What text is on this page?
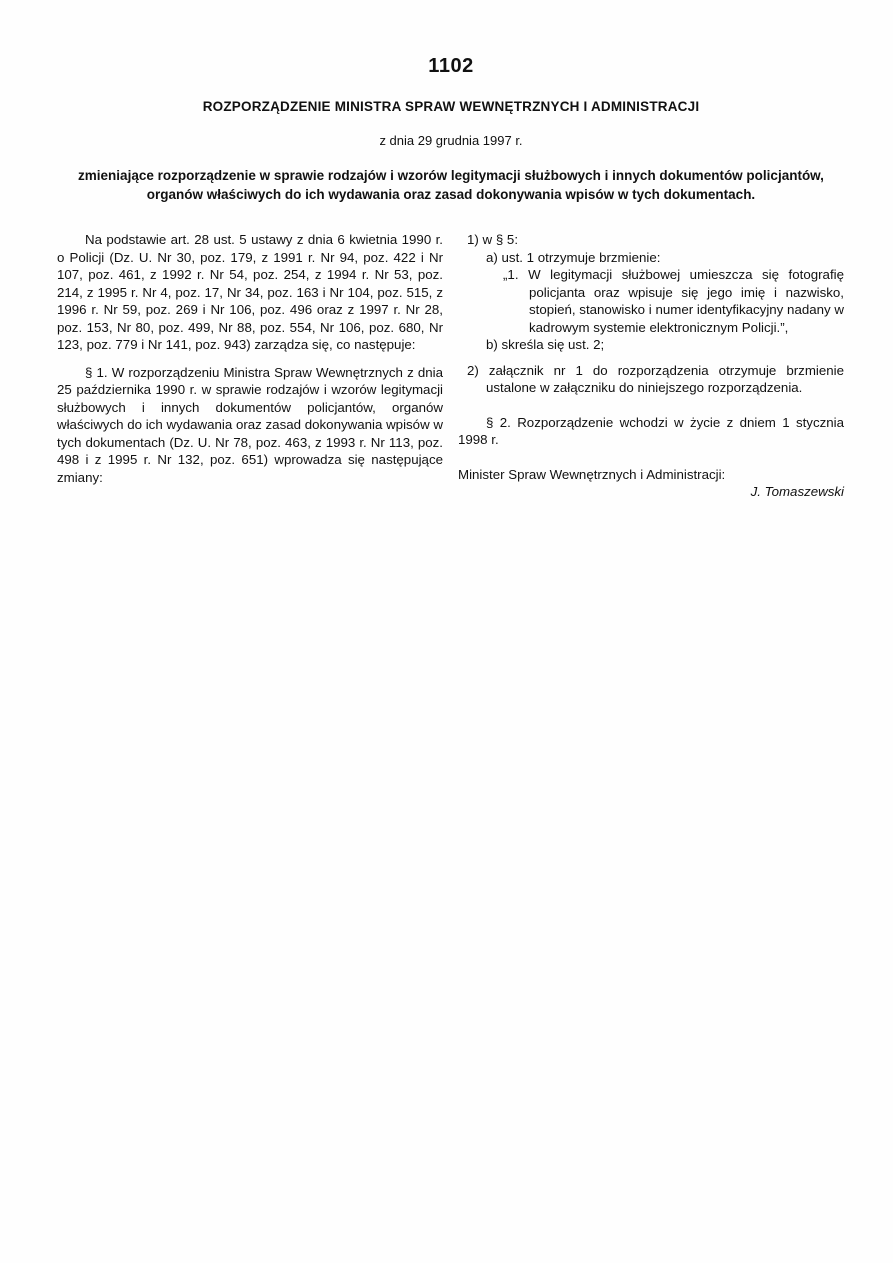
1102

ROZPORZĄDZENIE MINISTRA SPRAW WEWNĘTRZNYCH I ADMINISTRACJI
z dnia 29 grudnia 1997 r.
zmieniające rozporządzenie w sprawie rodzajów i wzorów legitymacji służbowych i innych dokumentów policjantów, organów właściwych do ich wydawania oraz zasad dokonywania wpisów w tych dokumentach.

Na podstawie art. 28 ust. 5 ustawy z dnia 6 kwietnia 1990 r. o Policji (Dz. U. Nr 30, poz. 179, z 1991 r. Nr 94, poz. 422 i Nr 107, poz. 461, z 1992 r. Nr 54, poz. 254, z 1994 r. Nr 53, poz. 214, z 1995 r. Nr 4, poz. 17, Nr 34, poz. 163 i Nr 104, poz. 515, z 1996 r. Nr 59, poz. 269 i Nr 106, poz. 496 oraz z 1997 r. Nr 28, poz. 153, Nr 80, poz. 499, Nr 88, poz. 554, Nr 106, poz. 680, Nr 123, poz. 779 i Nr 141, poz. 943) zarządza się, co następuje:

§ 1. W rozporządzeniu Ministra Spraw Wewnętrznych z dnia 25 października 1990 r. w sprawie rodzajów i wzorów legitymacji służbowych i innych dokumentów policjantów, organów właściwych do ich wydawania oraz zasad dokonywania wpisów w tych dokumentach (Dz. U. Nr 78, poz. 463, z 1993 r. Nr 113, poz. 498 i z 1995 r. Nr 132, poz. 651) wprowadza się następujące zmiany:

1) w § 5:

a) ust. 1 otrzymuje brzmienie:

„1. W legitymacji służbowej umieszcza się fotografię policjanta oraz wpisuje się jego imię i nazwisko, stopień, stanowisko i numer identyfikacyjny nadany w kadrowym systemie elektronicznym Policji.”,

b) skreśla się ust. 2;

2) załącznik nr 1 do rozporządzenia otrzymuje brzmienie ustalone w załączniku do niniejszego rozporządzenia.

§ 2. Rozporządzenie wchodzi w życie z dniem 1 stycznia 1998 r.

Minister Spraw Wewnętrznych i Administracji:

J. Tomaszewski
